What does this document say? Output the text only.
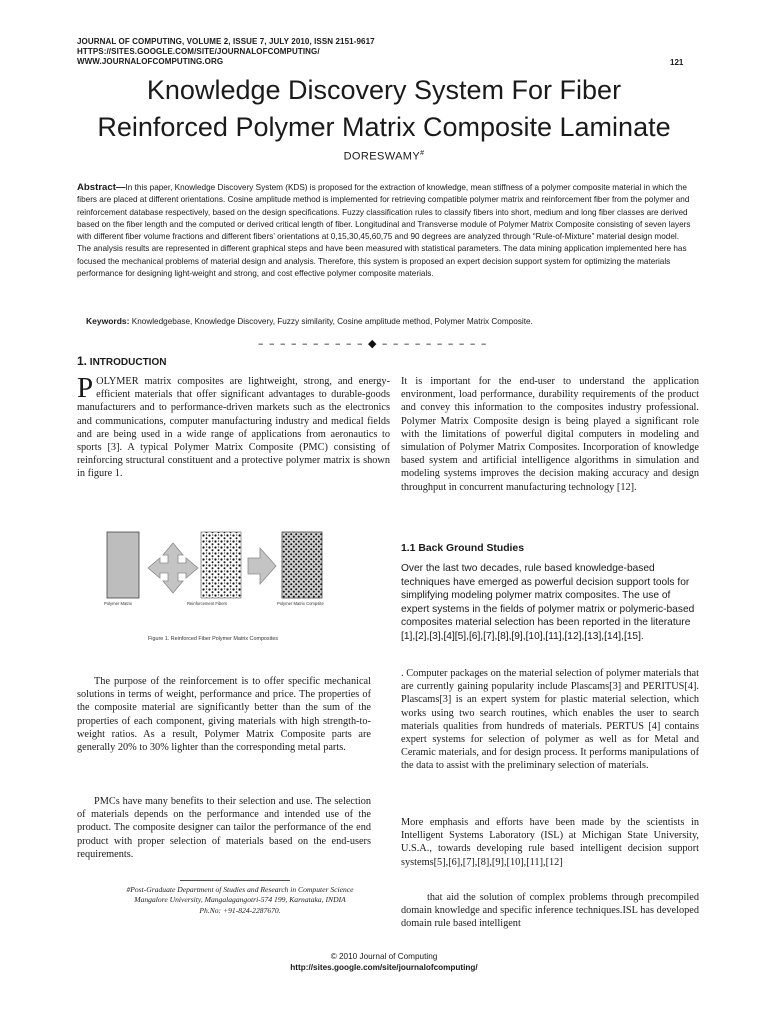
JOURNAL OF COMPUTING, VOLUME 2, ISSUE 7, JULY 2010, ISSN 2151-9617
HTTPS://SITES.GOOGLE.COM/SITE/JOURNALOFCOMPUTING/
WWW.JOURNALOFCOMPUTING.ORG	121
Knowledge Discovery System For Fiber
Reinforced Polymer Matrix Composite Laminate
DORESWAMY#
Abstract—In this paper, Knowledge Discovery System (KDS) is proposed for the extraction of knowledge, mean stiffness of a polymer composite material in which the fibers are placed at different orientations. Cosine amplitude method is implemented for retrieving compatible polymer matrix and reinforcement fiber from the polymer and reinforcement database respectively, based on the design specifications. Fuzzy classification rules to classify fibers into short, medium and long fiber classes are derived based on the fiber length and the computed or derived critical length of fiber. Longitudinal and Transverse module of Polymer Matrix Composite consisting of seven layers with different fiber volume fractions and different fibers’ orientations at 0,15,30,45,60,75 and 90 degrees are analyzed through “Rule-of-Mixture” material design model. The analysis results are represented in different graphical steps and have been measured with statistical parameters. The data mining application implemented here has focused the mechanical problems of material design and analysis. Therefore, this system is proposed an expert decision support system for optimizing the materials performance for designing light-weight and strong, and cost effective polymer composite materials.
Keywords: Knowledgebase, Knowledge Discovery, Fuzzy similarity, Cosine amplitude method, Polymer Matrix Composite.
– – – – – – – – – – ◆ – – – – – – – – – –
1. INTRODUCTION

POLYMER matrix composites are lightweight, strong, and energy-efficient materials that offer significant advantages to durable-goods manufacturers and to performance-driven markets such as the electronics and communications, computer manufacturing industry and medical fields and are being used in a wide range of applications from aeronautics to sports [3]. A typical Polymer Matrix Composite (PMC) consisting of reinforcing structural constituent and a protective polymer matrix is shown in figure 1.

Polymer Matrix	Reinforcement Fibers	Polymer Matrix Compsite
Figure 1. Reinforced Fiber Polymer Matrix Composites

The purpose of the reinforcement is to offer specific mechanical solutions in terms of weight, performance and price. The properties of the composite material are significantly better than the sum of the properties of each component, giving materials with high strength-to-weight ratios. As a result, Polymer Matrix Composite parts are generally 20% to 30% lighter than the corresponding metal parts.

PMCs have many benefits to their selection and use. The selection of materials depends on the performance and intended use of the product. The composite designer can tailor the performance of the end product with proper selection of materials based on the end-users requirements.

#Post-Graduate Department of Studies and Research in Computer Science
Mangalore University, Mangalagangotri-574 199, Karnataka, INDIA
Ph.No: +91-824-2287670.

It is important for the end-user to understand the application environment, load performance, durability requirements of the product and convey this information to the composites industry professional. Polymer Matrix Composite design is being played a significant role with the limitations of powerful digital computers in modeling and simulation of Polymer Matrix Composites. Incorporation of knowledge based system and artificial intelligence algorithms in simulation and modeling systems improves the decision making accuracy and design throughput in concurrent manufacturing technology [12].

1.1 Back Ground Studies

Over the last two decades, rule based knowledge-based techniques have emerged as powerful decision support tools for simplifying modeling polymer matrix composites. The use of expert systems in the fields of polymer matrix or polymeric-based composites material selection has been reported in the literature [1],[2],[3],[4][5],[6],[7],[8],[9],[10],[11],[12],[13],[14],[15].

. Computer packages on the material selection of polymer materials that are currently gaining popularity include Plascams[3] and PERITUS[4]. Plascams[3] is an expert system for plastic material selection, which works using two search routines, which enables the user to search materials qualities from hundreds of materials. PERTUS [4] contains expert systems for selection of polymer as well as for Metal and Ceramic materials, and for design process. It performs manipulations of the data to assist with the preliminary selection of materials.

More emphasis and efforts have been made by the scientists in Intelligent Systems Laboratory (ISL) at Michigan State University, U.S.A., towards developing rule based intelligent decision support systems[5],[6],[7],[8],[9],[10],[11],[12]

that aid the solution of complex problems through precompiled domain knowledge and specific inference techniques.ISL has developed domain rule based intelligent

© 2010 Journal of Computing
http://sites.google.com/site/journalofcomputing/
